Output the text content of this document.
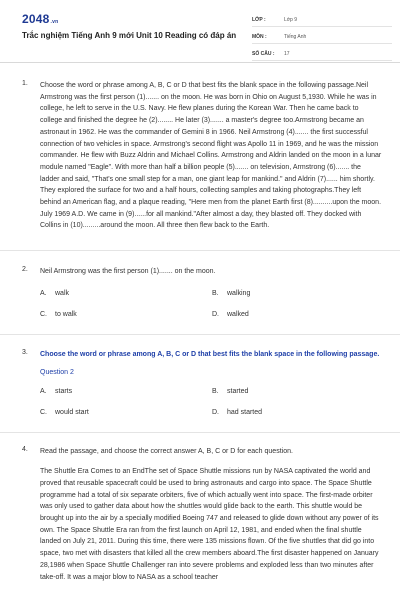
2048.vn
Trắc nghiệm Tiếng Anh 9 mới Unit 10 Reading có đáp án
LỚP :	Lớp 9
MÔN :	Tiếng Anh
SỐ CÂU :	17
1. Choose the word or phrase among A, B, C or D that best fits the blank space in the following passage.Neil Armstrong was the first person (1)....... on the moon. He was born in Ohio on August 5,1930. While he was in college, he left to serve in the U.S. Navy. He flew planes during the Korean War. Then he came back to college and finished the degree he (2)........ He later (3)....... a master's degree too.Armstrong became an astronaut in 1962. He was the commander of Gemini 8 in 1966. Neil Armstrong (4)....... the first successful connection of two vehicles in space. Armstrong's second flight was Apollo 11 in 1969, and he was the mission commander. He flew with Buzz Aldrin and Michael Collins. Armstrong and Aldrin landed on the moon in a lunar module named "Eagle". With more than half a billion people (5)....... on television, Armstrong (6)....... the ladder and said, "That's one small step for a man, one giant leap for mankind." and Aldrin (7)...... him shortly. They explored the surface for two and a half hours, collecting samples and taking photographs.They left behind an American flag, and a plaque reading, "Here men from the planet Earth first (8)..........upon the moon. July 1969 A.D. We came in (9)......for all mankind."After almost a day, they blasted off. They docked with Collins in (10).........around the moon. All three then flew back to the Earth.

2. Neil Armstrong was the first person (1)....... on the moon.

A. walk	B. walking
C. to walk	D. walked
3. Choose the word or phrase among A, B, C or D that best fits the blank space in the following passage.

Question 2
A. starts	B. started
C. would start	D. had started
4. Read the passage, and choose the correct answer A, B, C or D for each question.

The Shuttle Era Comes to an EndThe set of Space Shuttle missions run by NASA captivated the world and proved that reusable spacecraft could be used to bring astronauts and cargo into space. The Space Shuttle programme had a total of six separate orbiters, five of which actually went into space. The first-made orbiter was only used to gather data about how the shuttles would glide back to the earth. This shuttle would be brought up into the air by a specially modified Boeing 747 and released to glide down without any power of its own. The Space Shuttle Era ran from the first launch on April 12, 1981, and ended when the final shuttle landed on July 21, 2011. During this time, there were 135 missions flown. Of the five shuttles that did go into space, two met with disasters that killed all the crew members aboard.The first disaster happened on January 28,1986 when Space Shuttle Challenger ran into severe problems and exploded less than two minutes after take-off. It was a major blow to NASA as a school teacher
